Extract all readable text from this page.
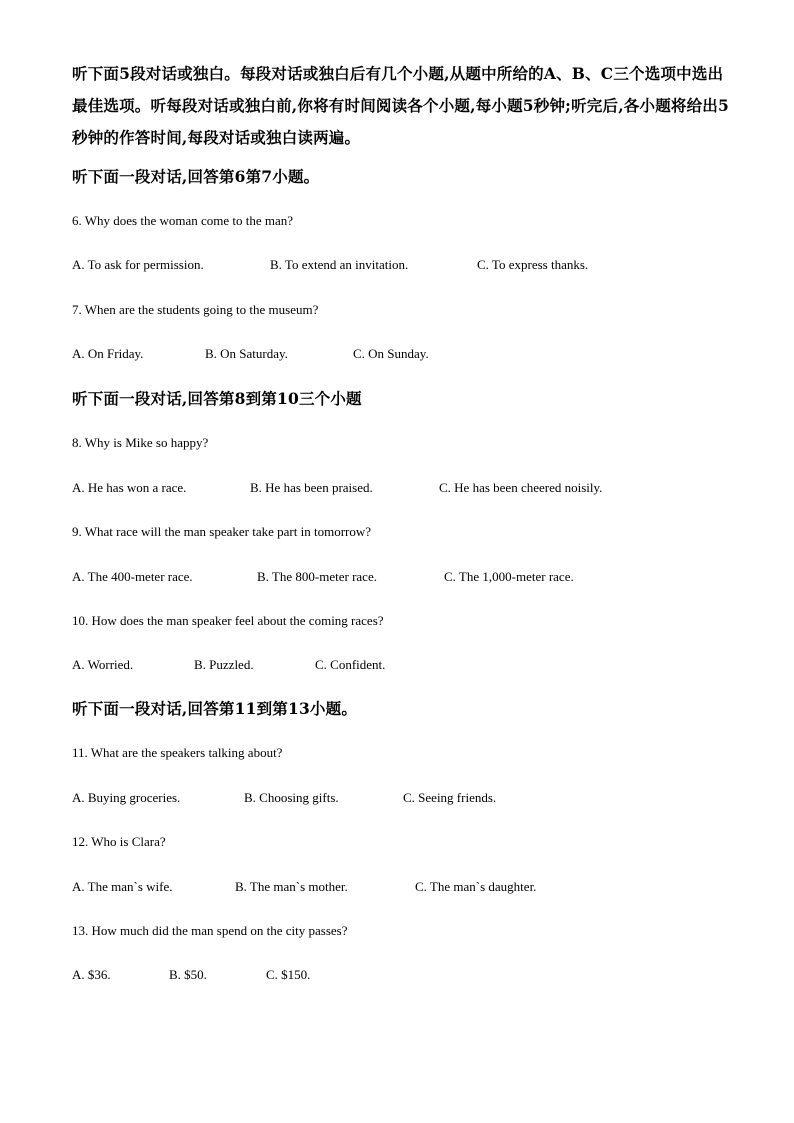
听下面5段对话或独白。每段对话或独白后有几个小题,从题中所给的A、B、C三个选项中选出最佳选项。听每段对话或独白前,你将有时间阅读各个小题,每小题5秒钟;听完后,各小题将给出5秒钟的作答时间,每段对话或独白读两遍。

听下面一段对话,回答第6第7小题。

6. Why does the woman come to the man?

A. To ask for permission.	B. To extend an invitation.	C. To express thanks.

7. When are the students going to the museum?

A. On Friday.	B. On Saturday.	C. On Sunday.

听下面一段对话,回答第8到第10三个小题

8. Why is Mike so happy?

A. He has won a race.	B. He has been praised.	C. He has been cheered noisily.

9. What race will the man speaker take part in tomorrow?

A. The 400-meter race.	B. The 800-meter race.	C. The 1,000-meter race.

10. How does the man speaker feel about the coming races?

A. Worried.	B. Puzzled.	C. Confident.

听下面一段对话,回答第11到第13小题。

11. What are the speakers talking about?

A. Buying groceries.	B. Choosing gifts.	C. Seeing friends.

12. Who is Clara?

A. The man`s wife.	B. The man`s mother.	C. The man`s daughter.

13. How much did the man spend on the city passes?

A. $36.	B. $50.	C. $150.
